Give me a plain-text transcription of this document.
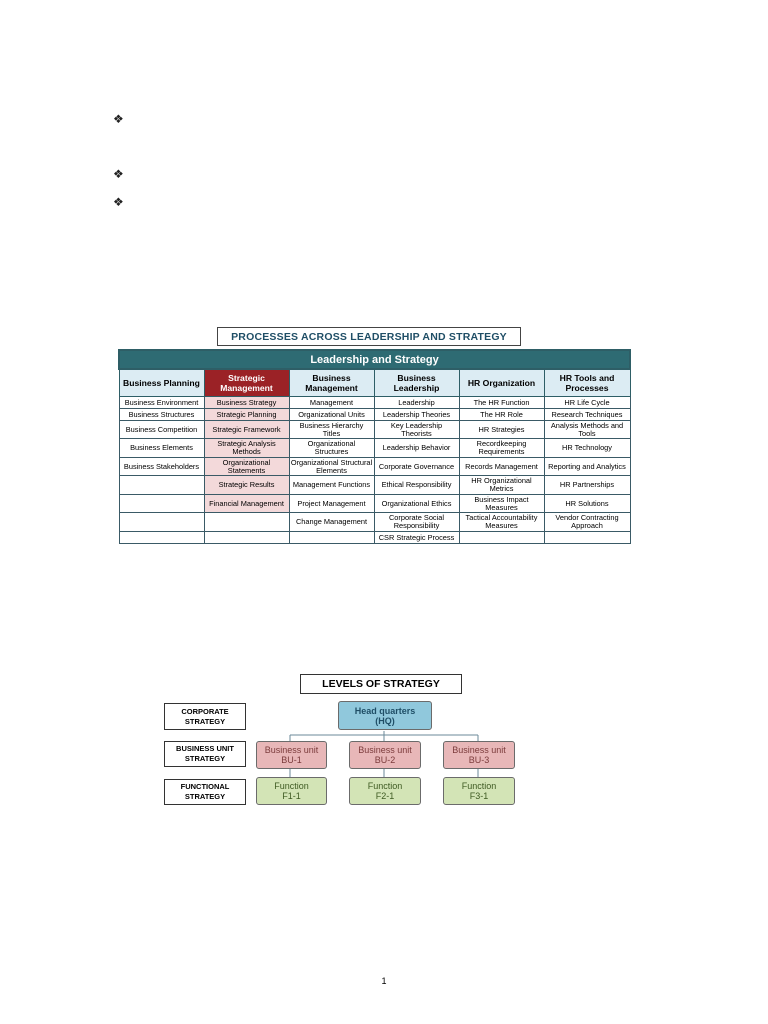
❖
❖
❖
PROCESSES ACROSS LEADERSHIP AND STRATEGY
Leadership and Strategy					
Business Planning	Strategic Management	Business Management	Business Leadership	HR Organization	HR Tools and Processes
Business Environment	Business Strategy	Management	Leadership	The HR Function	HR Life Cycle
Business Structures	Strategic Planning	Organizational Units	Leadership Theories	The HR Role	Research Techniques
Business Competition	Strategic Framework	Business Hierarchy Titles	Key Leadership Theorists	HR Strategies	Analysis Methods and Tools
Business Elements	Strategic Analysis Methods	Organizational Structures	Leadership Behavior	Recordkeeping Requirements	HR Technology
Business Stakeholders	Organizational Statements	Organizational Structural Elements	Corporate Governance	Records Management	Reporting and Analytics
	Strategic Results	Management Functions	Ethical Responsibility	HR Organizational Metrics	HR Partnerships
	Financial Management	Project Management	Organizational Ethics	Business Impact Measures	HR Solutions
		Change Management	Corporate Social Responsibility	Tactical Accountability Measures	Vendor Contracting Approach
			CSR Strategic Process		
LEVELS OF STRATEGY
CORPORATE
STRATEGY
BUSINESS UNIT
STRATEGY
FUNCTIONAL
STRATEGY
Head quarters
(HQ)
Business unit
BU-1
Business unit
BU-2
Business unit
BU-3
Function
F1-1
Function
F2-1
Function
F3-1
1
